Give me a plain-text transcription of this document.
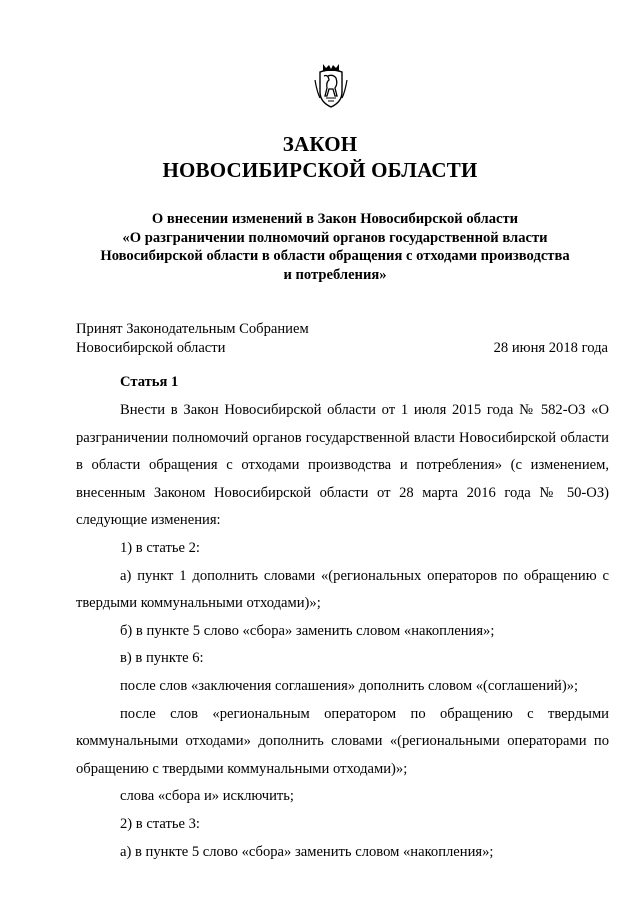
ЗАКОН
НОВОСИБИРСКОЙ ОБЛАСТИ
О внесении изменений в Закон Новосибирской области
«О разграничении полномочий органов государственной власти
Новосибирской области в области обращения с отходами производства
и потребления»
Принят Законодательным Собранием
Новосибирской области	28 июня 2018 года
Статья 1

Внести в Закон Новосибирской области от 1 июля 2015 года № 582-ОЗ «О разграничении полномочий органов государственной власти Новосибирской области в области обращения с отходами производства и потребления» (с изменением, внесенным Законом Новосибирской области от 28 марта 2016 года № 50-ОЗ) следующие изменения:

1) в статье 2:

а) пункт 1 дополнить словами «(региональных операторов по обращению с твердыми коммунальными отходами)»;

б) в пункте 5 слово «сбора» заменить словом «накопления»;

в) в пункте 6:

после слов «заключения соглашения» дополнить словом «(соглашений)»;

после слов «региональным оператором по обращению с твердыми коммунальными отходами» дополнить словами «(региональными операторами по обращению с твердыми коммунальными отходами)»;

слова «сбора и» исключить;

2) в статье 3:

а) в пункте 5 слово «сбора» заменить словом «накопления»;
